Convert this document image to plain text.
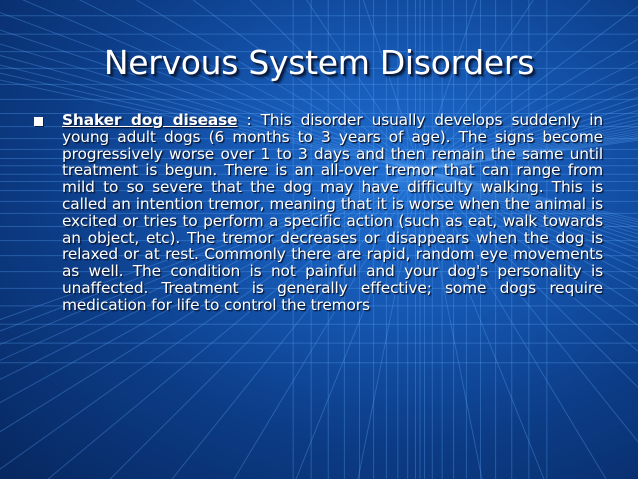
Nervous System Disorders
Shaker dog disease : This disorder usually develops suddenly in young adult dogs (6 months to 3 years of age). The signs become progressively worse over 1 to 3 days and then remain the same until treatment is begun. There is an all-over tremor that can range from mild to so severe that the dog may have difficulty walking. This is called an intention tremor, meaning that it is worse when the animal is excited or tries to perform a specific action (such as eat, walk towards an object, etc). The tremor decreases or disappears when the dog is relaxed or at rest. Commonly there are rapid, random eye movements as well. The condition is not painful and your dog's personality is unaffected. Treatment is generally effective; some dogs require medication for life to control the tremors
